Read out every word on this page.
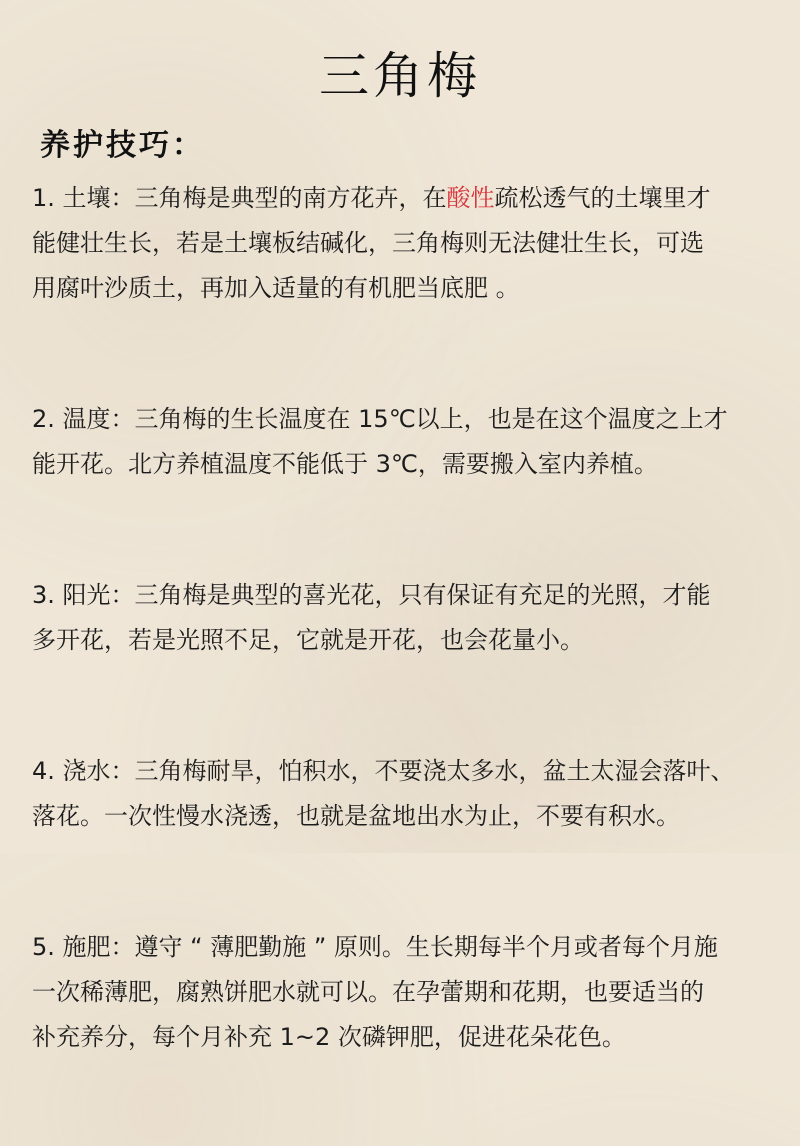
三角梅
养护技巧：
1. 土壤：三角梅是典型的南方花卉，在酸性疏松透气的土壤里才
能健壮生长，若是土壤板结碱化，三角梅则无法健壮生长，可选
用腐叶沙质土，再加入适量的有机肥当底肥 。
2. 温度：三角梅的生长温度在 15℃以上，也是在这个温度之上才
能开花。北方养植温度不能低于 3℃，需要搬入室内养植。
3. 阳光：三角梅是典型的喜光花，只有保证有充足的光照，才能
多开花，若是光照不足，它就是开花，也会花量小。
4. 浇水：三角梅耐旱，怕积水，不要浇太多水，盆土太湿会落叶、
落花。一次性慢水浇透，也就是盆地出水为止，不要有积水。
5. 施肥：遵守 “ 薄肥勤施 ” 原则。生长期每半个月或者每个月施
一次稀薄肥，腐熟饼肥水就可以。在孕蕾期和花期，也要适当的
补充养分，每个月补充 1~2 次磷钾肥，促进花朵花色。
